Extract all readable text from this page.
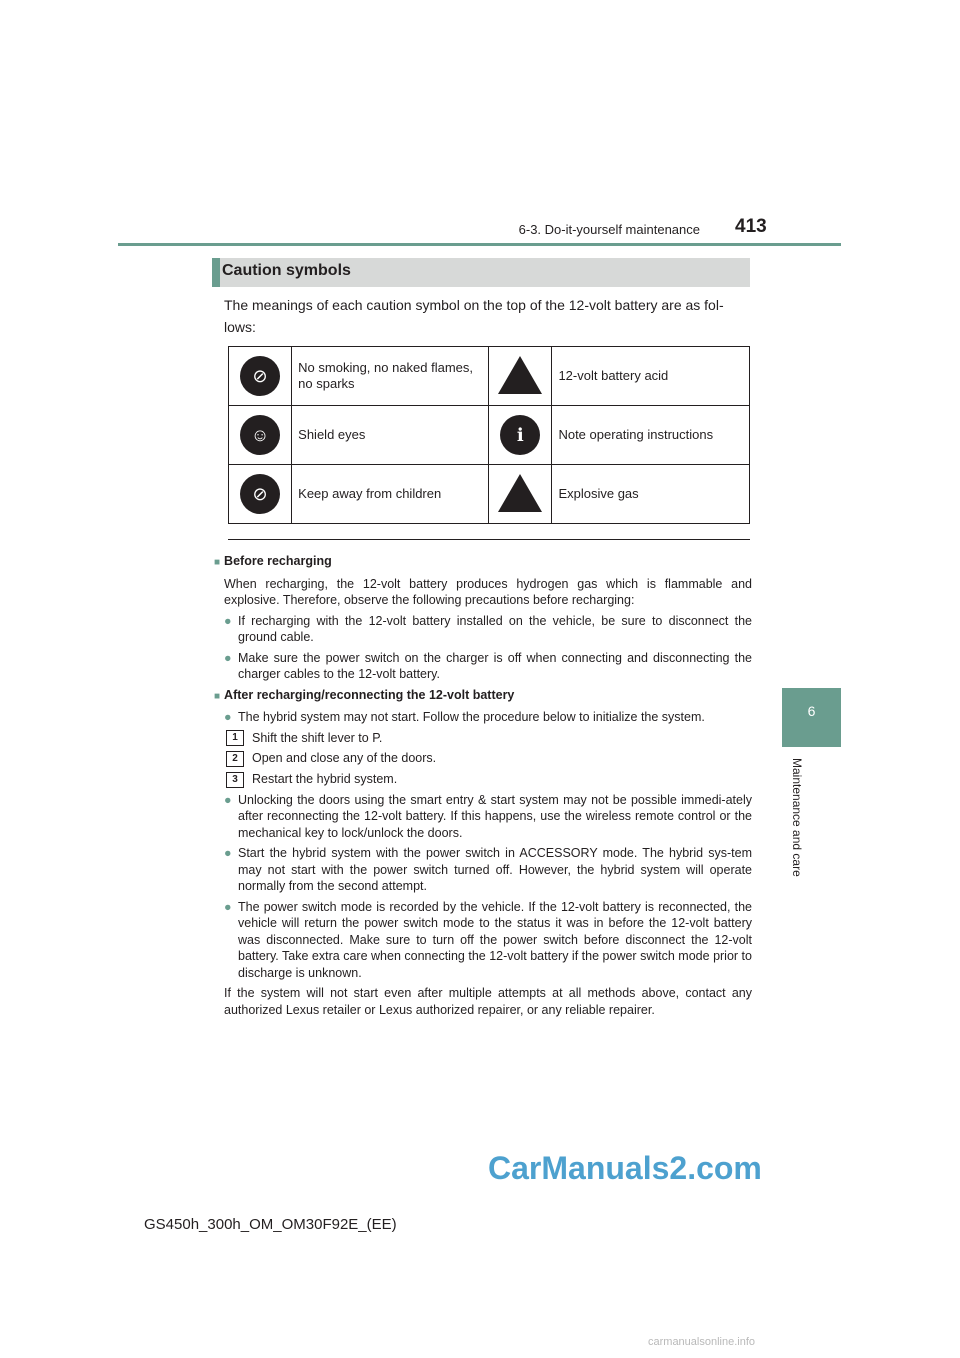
6-3. Do-it-yourself maintenance 413
6
Maintenance and care
Caution symbols
The meanings of each caution symbol on the top of the 12-volt battery are as fol-lows:
⊘	No smoking, no naked flames, no sparks		12-volt battery acid
☺	Shield eyes	ℹ	Note operating instructions
⊘	Keep away from children		Explosive gas
■ Before recharging
When recharging, the 12-volt battery produces hydrogen gas which is flammable and explosive. Therefore, observe the following precautions before recharging:
● If recharging with the 12-volt battery installed on the vehicle, be sure to disconnect the ground cable.
● Make sure the power switch on the charger is off when connecting and disconnecting the charger cables to the 12-volt battery.
■ After recharging/reconnecting the 12-volt battery
● The hybrid system may not start. Follow the procedure below to initialize the system.
1 Shift the shift lever to P.
2 Open and close any of the doors.
3 Restart the hybrid system.
● Unlocking the doors using the smart entry & start system may not be possible immedi-ately after reconnecting the 12-volt battery. If this happens, use the wireless remote control or the mechanical key to lock/unlock the doors.
● Start the hybrid system with the power switch in ACCESSORY mode. The hybrid sys-tem may not start with the power switch turned off. However, the hybrid system will operate normally from the second attempt.
● The power switch mode is recorded by the vehicle. If the 12-volt battery is reconnected, the vehicle will return the power switch mode to the status it was in before the 12-volt battery was disconnected. Make sure to turn off the power switch before disconnect the 12-volt battery. Take extra care when connecting the 12-volt battery if the power switch mode prior to discharge is unknown.
If the system will not start even after multiple attempts at all methods above, contact any authorized Lexus retailer or Lexus authorized repairer, or any reliable repairer.
CarManuals2.com
GS450h_300h_OM_OM30F92E_(EE)
carmanualsonline.info
